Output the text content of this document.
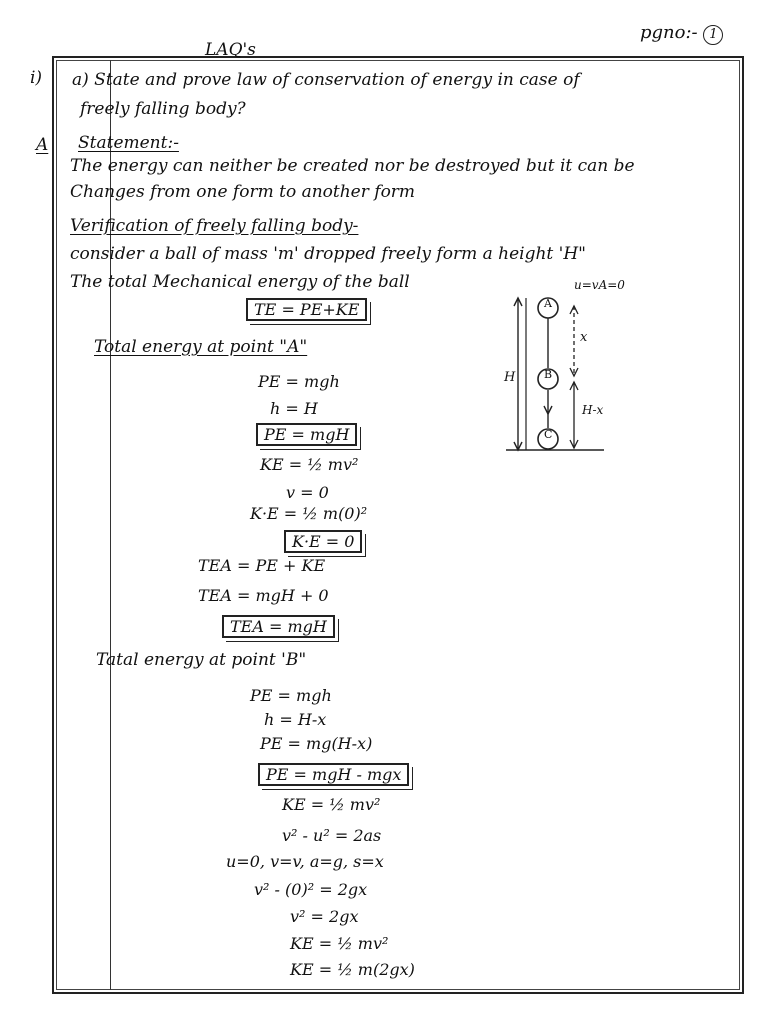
pgno:- 1
LAQ's
i) a) State and prove law of conservation of energy in case of
freely falling body?
A Statement:-
The energy can neither be created nor be destroyed but it can be
Changes from one form to another form
Verification of freely falling body-
consider a ball of mass 'm' dropped freely form a height 'H"
The total Mechanical energy of the ball
TE = PE+KE
Total energy at point "A"
PE = mgh
h = H
PE = mgH
KE = ½ mv²
v = 0
K·E = ½ m(0)²
K·E = 0
TEA = PE + KE
TEA = mgH + 0
TEA = mgH
Tatal energy at point 'B"
PE = mgh
h = H-x
PE = mg(H-x)
PE = mgH - mgx
KE = ½ mv²
v² - u² = 2as
u=0, v=v, a=g, s=x
v² - (0)² = 2gx
v² = 2gx
KE = ½ mv²
KE = ½ m(2gx)
A
B
C
u=vA=0
H
x
H-x
